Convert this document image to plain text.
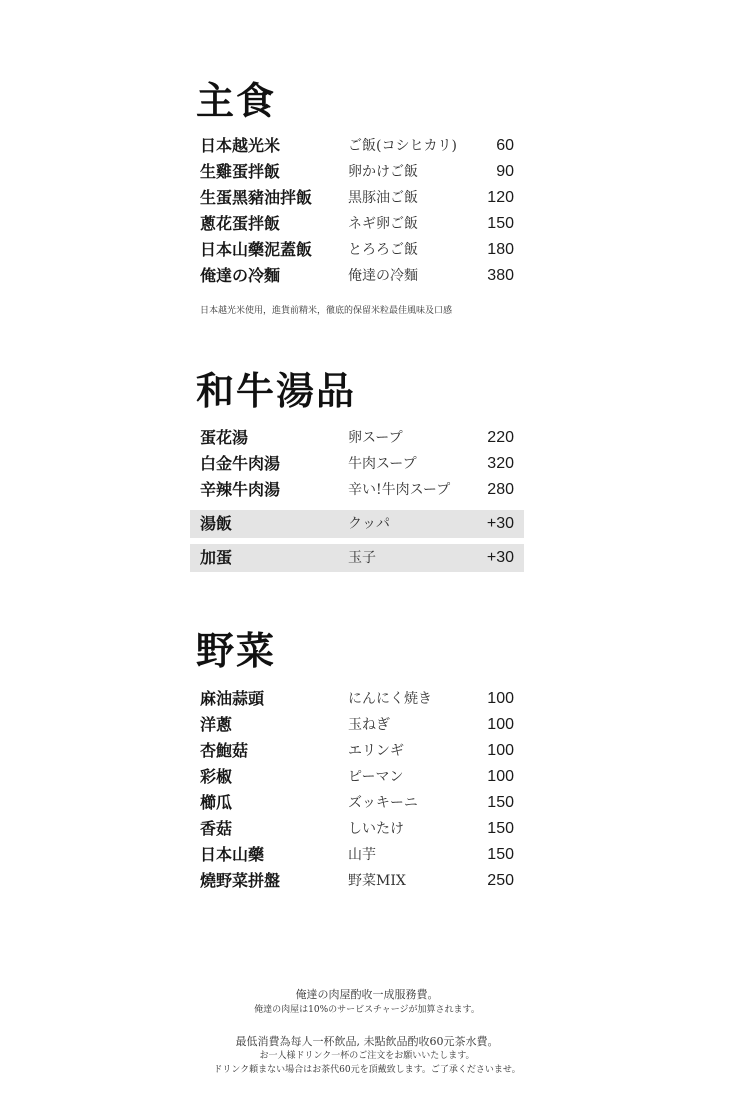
主食
日本越光米	ご飯(コシヒカリ) 60
生雞蛋拌飯	卵かけご飯	90
生蛋黑豬油拌飯	黒豚油ご飯	120
蔥花蛋拌飯	ネギ卵ご飯	150
日本山藥泥蓋飯	とろろご飯	180
俺達の冷麵	俺達の冷麵	380
日本越光米使用，進貨前精米，徹底的保留米粒最佳風味及口感
和牛湯品
蛋花湯	卵スープ	220
白金牛肉湯	牛肉スープ	320
辛辣牛肉湯	辛い!牛肉スープ 280
湯飯	クッパ	+30
加蛋	玉子	+30
野菜
麻油蒜頭	にんにく焼き	100
洋蔥	玉ねぎ	100
杏鮑菇	エリンギ	100
彩椒	ピーマン	100
櫛瓜	ズッキーニ	150
香菇	しいたけ	150
日本山藥	山芋	150
燒野菜拼盤	野菜MIX	250
俺達の肉屋酌收一成服務費。
俺達の肉屋は10%のサービスチャージが加算されます。
最低消費為每人一杯飲品, 未點飲品酌收60元茶水費。
お一人様ドリンク一杯のご注文をお願いいたします。
ドリンク頼まない場合はお茶代60元を頂戴致します。ご了承くださいませ。
